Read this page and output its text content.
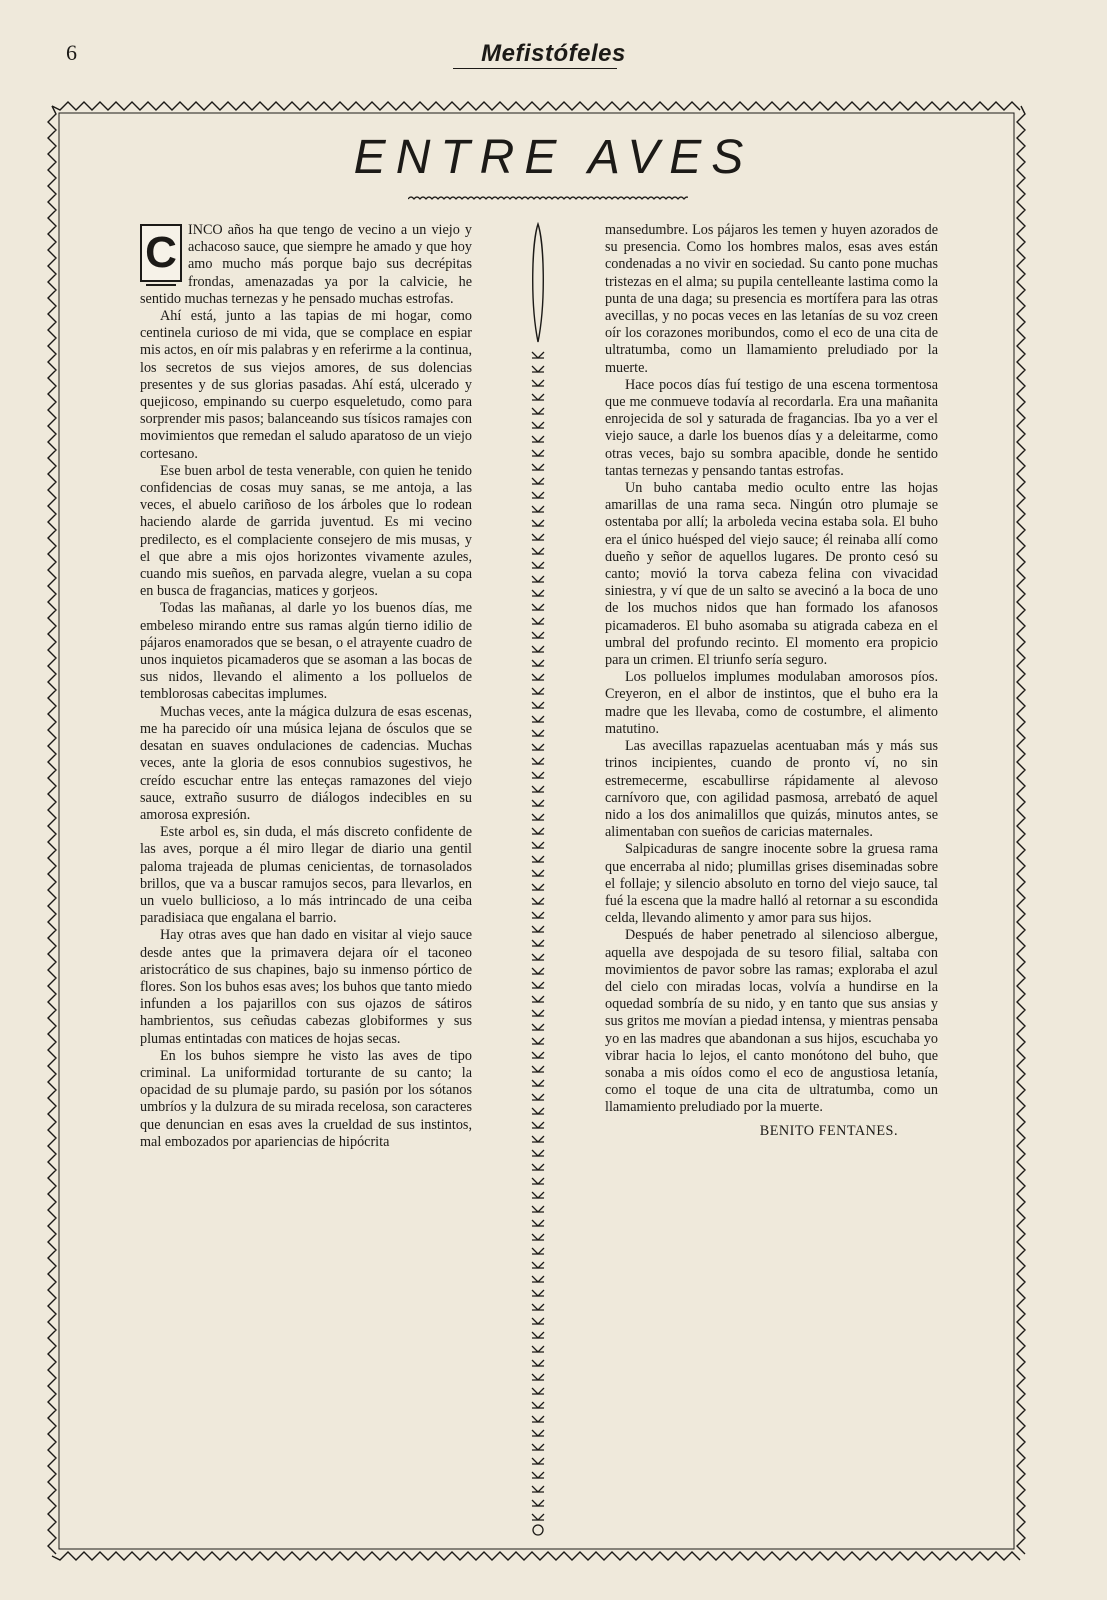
6	Mefistófeles
ENTRE AVES
C INCO años ha que tengo de vecino a un viejo y achacoso sauce, que siempre he amado y que hoy amo mucho más porque bajo sus decrépitas frondas, amenazadas ya por la calvicie, he sentido muchas ternezas y he pensado muchas estrofas.

Ahí está, junto a las tapias de mi hogar, como centinela curioso de mi vida, que se complace en espiar mis actos, en oír mis palabras y en referirme a la continua, los secretos de sus viejos amores, de sus dolencias presentes y de sus glorias pasadas. Ahí está, ulcerado y quejicoso, empinando su cuerpo esqueletudo, como para sorprender mis pasos; balanceando sus tísicos ramajes con movimientos que remedan el saludo aparatoso de un viejo cortesano.

Ese buen arbol de testa venerable, con quien he tenido confidencias de cosas muy sanas, se me antoja, a las veces, el abuelo cariñoso de los árboles que lo rodean haciendo alarde de garrida juventud. Es mi vecino predilecto, es el complaciente consejero de mis musas, y el que abre a mis ojos horizontes vivamente azules, cuando mis sueños, en parvada alegre, vuelan a su copa en busca de fragancias, matices y gorjeos.

Todas las mañanas, al darle yo los buenos días, me embeleso mirando entre sus ramas algún tierno idilio de pájaros enamorados que se besan, o el atrayente cuadro de unos inquietos picamaderos que se asoman a las bocas de sus nidos, llevando el alimento a los polluelos de temblorosas cabecitas implumes.

Muchas veces, ante la mágica dulzura de esas escenas, me ha parecido oír una música lejana de ósculos que se desatan en suaves ondulaciones de cadencias. Muchas veces, ante la gloria de esos connubios sugestivos, he creído escuchar entre las enteças ramazones del viejo sauce, extraño susurro de diálogos indecibles en su amorosa expresión.

Este arbol es, sin duda, el más discreto confidente de las aves, porque a él miro llegar de diario una gentil paloma trajeada de plumas cenicientas, de tornasolados brillos, que va a buscar ramujos secos, para llevarlos, en un vuelo bullicioso, a lo más intrincado de una ceiba paradisiaca que engalana el barrio.

Hay otras aves que han dado en visitar al viejo sauce desde antes que la primavera dejara oír el taconeo aristocrático de sus chapines, bajo su inmenso pórtico de flores. Son los buhos esas aves; los buhos que tanto miedo infunden a los pajarillos con sus ojazos de sátiros hambrientos, sus ceñudas cabezas globiformes y sus plumas entintadas con matices de hojas secas.

En los buhos siempre he visto las aves de tipo criminal. La uniformidad torturante de su canto; la opacidad de su plumaje pardo, su pasión por los sótanos umbríos y la dulzura de su mirada recelosa, son caracteres que denuncian en esas aves la crueldad de sus instintos, mal embozados por apariencias de hipócrita

mansedumbre. Los pájaros les temen y huyen azorados de su presencia. Como los hombres malos, esas aves están condenadas a no vivir en sociedad. Su canto pone muchas tristezas en el alma; su pupila centelleante lastima como la punta de una daga; su presencia es mortífera para las otras avecillas, y no pocas veces en las letanías de su voz creen oír los corazones moribundos, como el eco de una cita de ultratumba, como un llamamiento preludiado por la muerte.

Hace pocos días fuí testigo de una escena tormentosa que me conmueve todavía al recordarla. Era una mañanita enrojecida de sol y saturada de fragancias. Iba yo a ver el viejo sauce, a darle los buenos días y a deleitarme, como otras veces, bajo su sombra apacible, donde he sentido tantas ternezas y pensando tantas estrofas.

Un buho cantaba medio oculto entre las hojas amarillas de una rama seca. Ningún otro plumaje se ostentaba por allí; la arboleda vecina estaba sola. El buho era el único huésped del viejo sauce; él reinaba allí como dueño y señor de aquellos lugares. De pronto cesó su canto; movió la torva cabeza felina con vivacidad siniestra, y ví que de un salto se avecinó a la boca de uno de los muchos nidos que han formado los afanosos picamaderos. El buho asomaba su atigrada cabeza en el umbral del profundo recinto. El momento era propicio para un crimen. El triunfo sería seguro.

Los polluelos implumes modulaban amorosos píos. Creyeron, en el albor de instintos, que el buho era la madre que les llevaba, como de costumbre, el alimento matutino.

Las avecillas rapazuelas acentuaban más y más sus trinos incipientes, cuando de pronto ví, no sin estremecerme, escabullirse rápidamente al alevoso carnívoro que, con agilidad pasmosa, arrebató de aquel nido a los dos animalillos que quizás, minutos antes, se alimentaban con sueños de caricias maternales.

Salpicaduras de sangre inocente sobre la gruesa rama que encerraba al nido; plumillas grises diseminadas sobre el follaje; y silencio absoluto en torno del viejo sauce, tal fué la escena que la madre halló al retornar a su escondida celda, llevando alimento y amor para sus hijos.

Después de haber penetrado al silencioso albergue, aquella ave despojada de su tesoro filial, saltaba con movimientos de pavor sobre las ramas; exploraba el azul del cielo con miradas locas, volvía a hundirse en la oquedad sombría de su nido, y en tanto que sus ansias y sus gritos me movían a piedad intensa, y mientras pensaba yo en las madres que abandonan a sus hijos, escuchaba yo vibrar hacia lo lejos, el canto monótono del buho, que sonaba a mis oídos como el eco de angustiosa letanía, como el toque de una cita de ultratumba, como un llamamiento preludiado por la muerte.

BENITO FENTANES.
